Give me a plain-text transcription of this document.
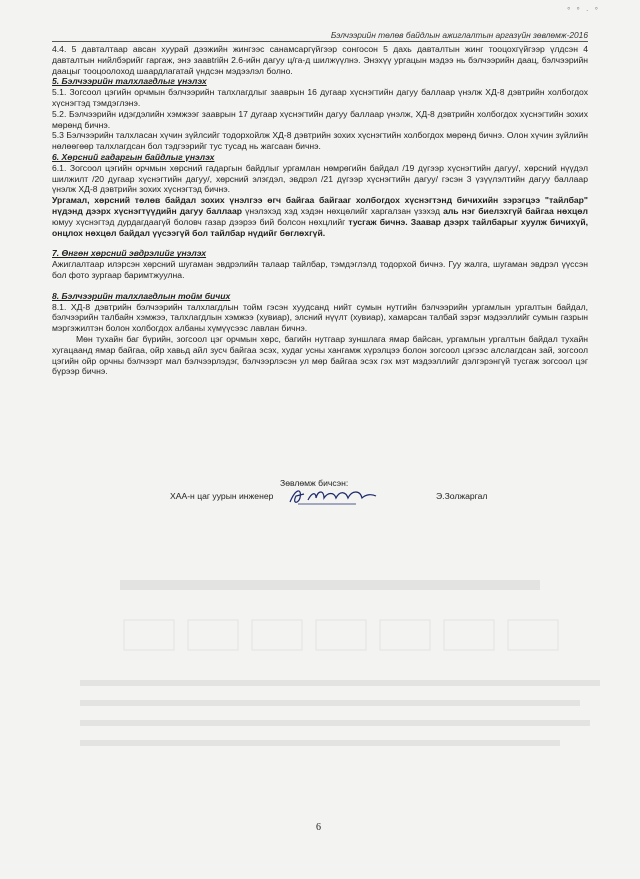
° ° · °
Бэлчээрийн төлөв байдлын ажиглалтын аргазүйн зөвлөмж-2016

4.4. 5 давталтаар авсан хуурай дээжийн жингээс санамсаргүйгээр сонгосон 5 дахь давталтын жинг тооцохгүйгээр үлдсэн 4 давталтын нийлбэрийг гаргаж, энэ заавtriйн 2.6-ийн дагуу ц/га-д шилжүүлнэ. Энэхүү ургацын мэдээ нь бэлчээрийн даац, бэлчээрийн даацыг тооцоолоход шаардлагатай үндсэн мэдээлэл болно.

5. Бэлчээрийн талхлагдлыг үнэлэх

5.1. Зогсоол цэгийн орчмын бэлчээрийн талхлагдлыг зааврын 16 дугаар хүснэгтийн дагуу баллаар үнэлж ХД-8 дэвтрийн холбогдох хүснэгтэд тэмдэглэнэ.

5.2. Бэлчээрийн идэгдэлийн хэмжээг зааврын 17 дугаар хүснэгтийн дагуу баллаар үнэлж, ХД-8 дэвтрийн холбогдох хүснэгтийн зохих мөрөнд бичнэ.

5.3 Бэлчээрийн талхласан хүчин зүйлсийг тодорхойлж ХД-8 дэвтрийн зохих хүснэгтийн холбогдох мөрөнд бичнэ. Олон хүчин зүйлийн нөлөөгөөр талхлагдсан бол тэдгээрийг тус тусад нь жагсаан бичнэ.

6. Хөрсний гадаргын байдлыг үнэлэх

6.1. Зогсоол цэгийн орчмын хөрсний гадаргын байдлыг ургамлан нөмрөгийн байдал /19 дүгээр хүснэгтийн дагуу/, хөрсний нүүдэл шилжилт /20 дугаар хүснэгтийн дагуу/, хөрсний элэгдэл, эвдрэл /21 дүгээр хүснэгтийн дагуу/ гэсэн 3 үзүүлэлтийн дагуу баллаар үнэлж ХД-8 дэвтрийн зохих хүснэгтэд бичнэ.

Ургамал, хөрсний төлөв байдал зохих үнэлгээ өгч байгаа байгааг холбогдох хүснэгтэнд бичихийн зэрэгцээ "тайлбар" нүдэнд дээрх хүснэгтүүдийн дагуу баллаар үнэлэхэд хэд хэдэн нөхцөлийг харгалзан үзэхэд аль нэг биелэхгүй байгаа нөхцөл юмуу хүснэгтэд дурдагдаагүй боловч газар дээрээ бий болсон нөхцлийг тусгаж бичнэ. Заавар дээрх тайлбарыг хуулж бичихүй, онцлох нөхцөл байдал үүсээгүй бол тайлбар нүдийг бөглөхгүй.

7. Өнгөн хөрсний эвдрэлийг үнэлэх

Ажиглалтаар илэрсэн хөрсний шугаман эвдрэлийн талаар тайлбар, тэмдэглэлд тодорхой бичнэ. Гуу жалга, шугаман эвдрэл үүссэн бол фото зургаар баримтжуулна.

8. Бэлчээрийн талхлагдлын тойм бичих

8.1. ХД-8 дэвтрийн бэлчээрийн талхлагдлын тойм гэсэн хуудсанд нийт сумын нутгийн бэлчээрийн ургамлын ургалтын байдал, бэлчээрийн талбайн хэмжээ, талхлагдлын хэмжээ (хувиар), элсний нүүлт (хувиар), хамарсан талбай зэрэг мэдээллийг сумын газрын мэргэжилтэн болон холбогдох албаны хүмүүсээс лавлан бичнэ.

Мөн тухайн баг бүрийн, зогсоол цэг орчмын хөрс, багийн нутгаар зуншлага ямар байсан, ургамлын ургалтын байдал тухайн хугацаанд ямар байгаа, ойр хавьд айл зусч байгаа эсэх, худаг усны хангамж хүрэлцээ болон зогсоол цэгээс алслагдсан зай, зогсоол цэгийн ойр орчны бэлчээрт мал бэлчээрлэдэг, бэлчээрлэсэн ул мөр байгаа эсэх гэх мэт мэдээллийг дэлгэрэнгүй тусгаж зогсоол цэг бүрээр бичнэ.

Зөвлөмж бичсэн:
ХАА-н цаг уурын инженер	Э.Золжаргал
6
